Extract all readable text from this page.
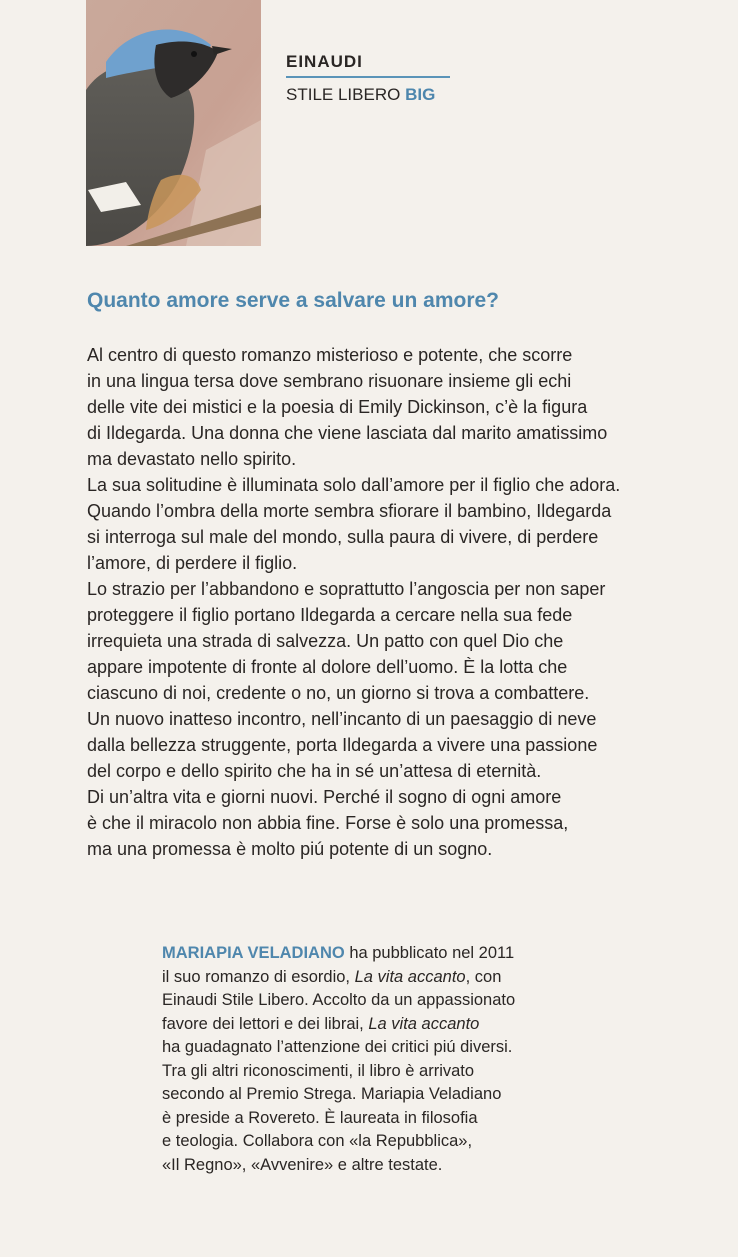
EINAUDI
STILE LIBERO BIG
Quanto amore serve a salvare un amore?
Al centro di questo romanzo misterioso e potente, che scorre
in una lingua tersa dove sembrano risuonare insieme gli echi
delle vite dei mistici e la poesia di Emily Dickinson, c’è la figura
di Ildegarda. Una donna che viene lasciata dal marito amatissimo
ma devastato nello spirito.
La sua solitudine è illuminata solo dall’amore per il figlio che adora.
Quando l’ombra della morte sembra sfiorare il bambino, Ildegarda
si interroga sul male del mondo, sulla paura di vivere, di perdere
l’amore, di perdere il figlio.
Lo strazio per l’abbandono e soprattutto l’angoscia per non saper
proteggere il figlio portano Ildegarda a cercare nella sua fede
irrequieta una strada di salvezza. Un patto con quel Dio che
appare impotente di fronte al dolore dell’uomo. È la lotta che
ciascuno di noi, credente o no, un giorno si trova a combattere.
Un nuovo inatteso incontro, nell’incanto di un paesaggio di neve
dalla bellezza struggente, porta Ildegarda a vivere una passione
del corpo e dello spirito che ha in sé un’attesa di eternità.
Di un’altra vita e giorni nuovi. Perché il sogno di ogni amore
è che il miracolo non abbia fine. Forse è solo una promessa,
ma una promessa è molto piú potente di un sogno.
MARIAPIA VELADIANO ha pubblicato nel 2011
il suo romanzo di esordio, La vita accanto, con
Einaudi Stile Libero. Accolto da un appassionato
favore dei lettori e dei librai, La vita accanto
ha guadagnato l’attenzione dei critici piú diversi.
Tra gli altri riconoscimenti, il libro è arrivato
secondo al Premio Strega. Mariapia Veladiano
è preside a Rovereto. È laureata in filosofia
e teologia. Collabora con «la Repubblica»,
«Il Regno», «Avvenire» e altre testate.
